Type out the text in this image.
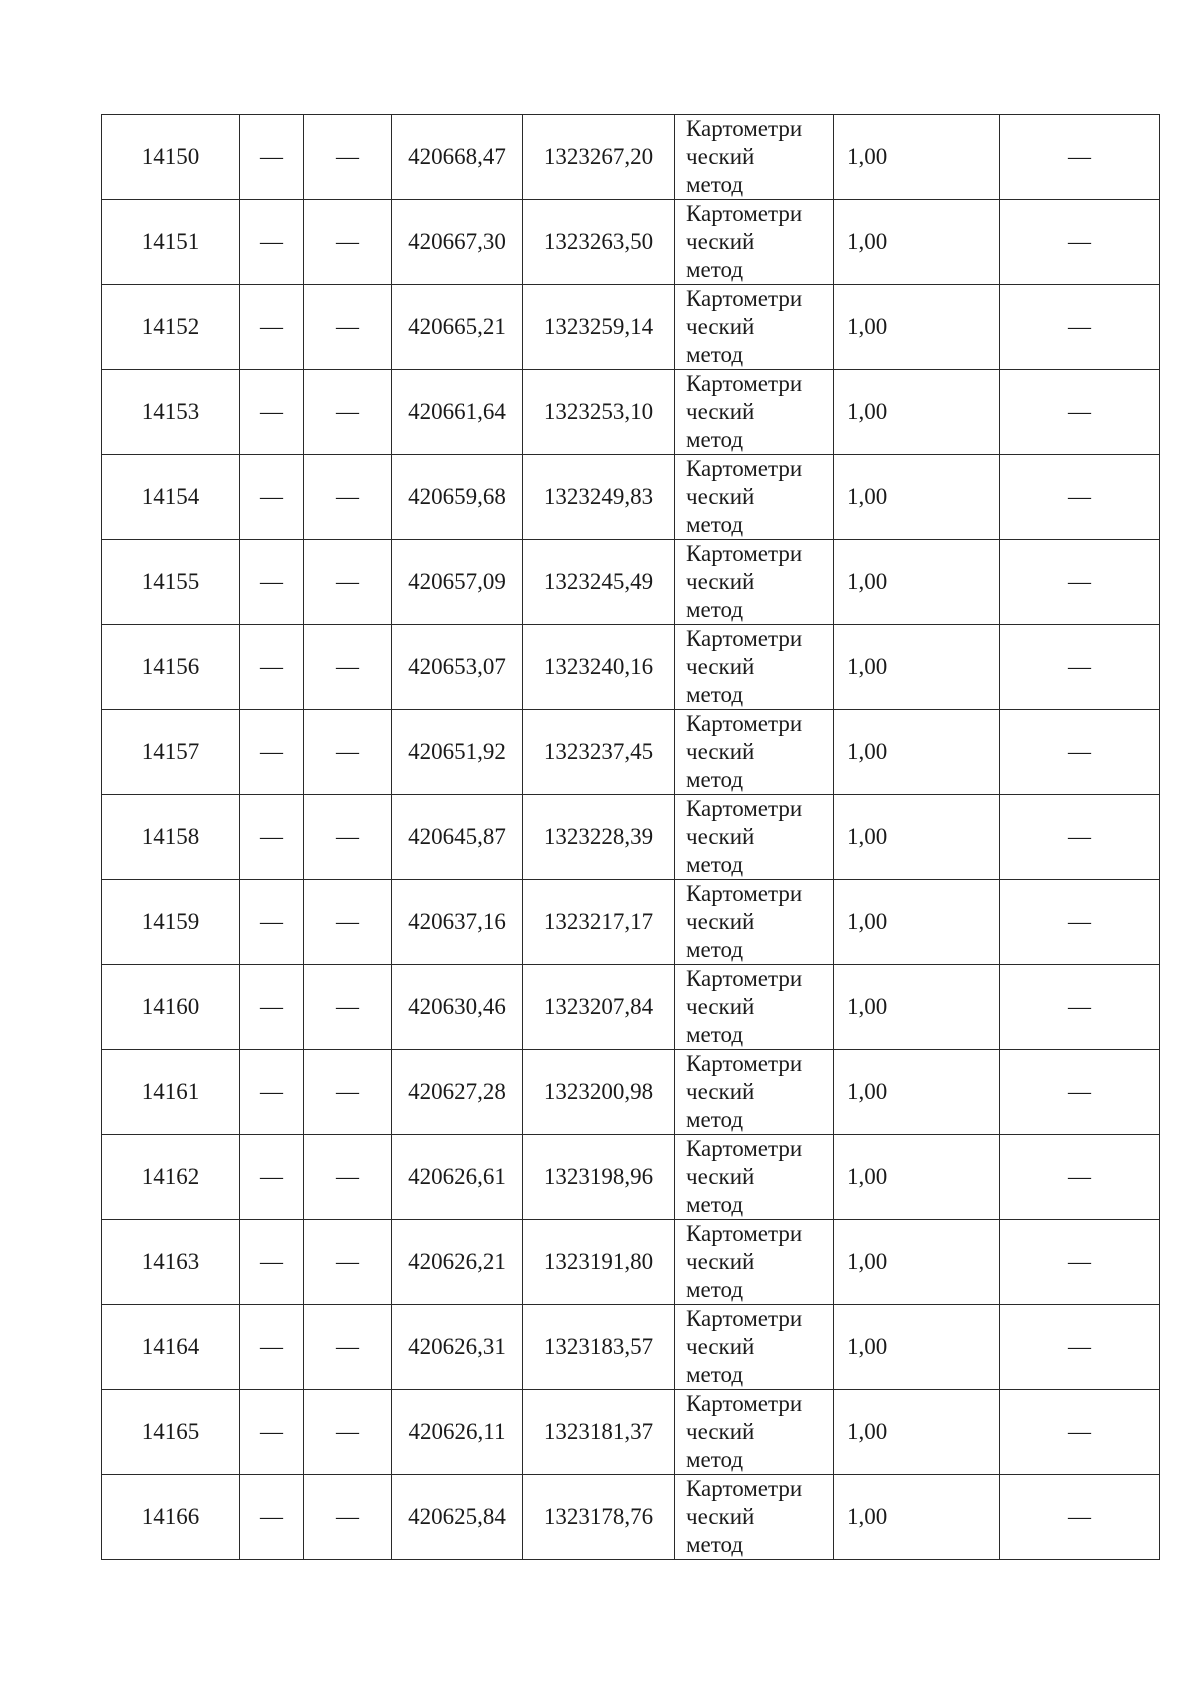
14150	—	—	420668,47	1323267,20	Картометри
ческий
метод	1,00	—
14151	—	—	420667,30	1323263,50	Картометри
ческий
метод	1,00	—
14152	—	—	420665,21	1323259,14	Картометри
ческий
метод	1,00	—
14153	—	—	420661,64	1323253,10	Картометри
ческий
метод	1,00	—
14154	—	—	420659,68	1323249,83	Картометри
ческий
метод	1,00	—
14155	—	—	420657,09	1323245,49	Картометри
ческий
метод	1,00	—
14156	—	—	420653,07	1323240,16	Картометри
ческий
метод	1,00	—
14157	—	—	420651,92	1323237,45	Картометри
ческий
метод	1,00	—
14158	—	—	420645,87	1323228,39	Картометри
ческий
метод	1,00	—
14159	—	—	420637,16	1323217,17	Картометри
ческий
метод	1,00	—
14160	—	—	420630,46	1323207,84	Картометри
ческий
метод	1,00	—
14161	—	—	420627,28	1323200,98	Картометри
ческий
метод	1,00	—
14162	—	—	420626,61	1323198,96	Картометри
ческий
метод	1,00	—
14163	—	—	420626,21	1323191,80	Картометри
ческий
метод	1,00	—
14164	—	—	420626,31	1323183,57	Картометри
ческий
метод	1,00	—
14165	—	—	420626,11	1323181,37	Картометри
ческий
метод	1,00	—
14166	—	—	420625,84	1323178,76	Картометри
ческий
метод	1,00	—
